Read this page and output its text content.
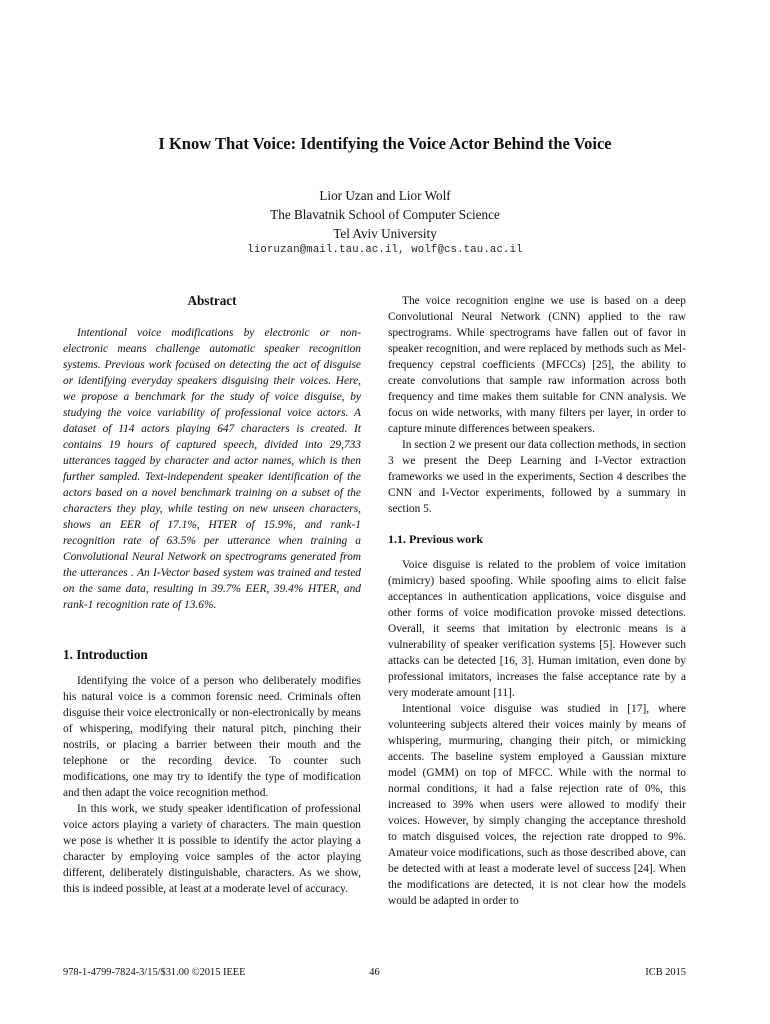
I Know That Voice: Identifying the Voice Actor Behind the Voice
Lior Uzan and Lior Wolf
The Blavatnik School of Computer Science
Tel Aviv University
lioruzan@mail.tau.ac.il, wolf@cs.tau.ac.il
Abstract

Intentional voice modifications by electronic or non-electronic means challenge automatic speaker recognition systems. Previous work focused on detecting the act of disguise or identifying everyday speakers disguising their voices. Here, we propose a benchmark for the study of voice disguise, by studying the voice variability of professional voice actors. A dataset of 114 actors playing 647 characters is created. It contains 19 hours of captured speech, divided into 29,733 utterances tagged by character and actor names, which is then further sampled. Text-independent speaker identification of the actors based on a novel benchmark training on a subset of the characters they play, while testing on new unseen characters, shows an EER of 17.1%, HTER of 15.9%, and rank-1 recognition rate of 63.5% per utterance when training a Convolutional Neural Network on spectrograms generated from the utterances . An I-Vector based system was trained and tested on the same data, resulting in 39.7% EER, 39.4% HTER, and rank-1 recognition rate of 13.6%.

1. Introduction

Identifying the voice of a person who deliberately modifies his natural voice is a common forensic need. Criminals often disguise their voice electronically or non-electronically by means of whispering, modifying their natural pitch, pinching their nostrils, or placing a barrier between their mouth and the telephone or the recording device. To counter such modifications, one may try to identify the type of modification and then adapt the voice recognition method.

In this work, we study speaker identification of professional voice actors playing a variety of characters. The main question we pose is whether it is possible to identify the actor playing a character by employing voice samples of the actor playing different, deliberately distinguishable, characters. As we show, this is indeed possible, at least at a moderate level of accuracy.

The voice recognition engine we use is based on a deep Convolutional Neural Network (CNN) applied to the raw spectrograms. While spectrograms have fallen out of favor in speaker recognition, and were replaced by methods such as Mel-frequency cepstral coefficients (MFCCs) [25], the ability to create convolutions that sample raw information across both frequency and time makes them suitable for CNN analysis. We focus on wide networks, with many filters per layer, in order to capture minute differences between speakers.

In section 2 we present our data collection methods, in section 3 we present the Deep Learning and I-Vector extraction frameworks we used in the experiments, Section 4 describes the CNN and I-Vector experiments, followed by a summary in section 5.

1.1. Previous work

Voice disguise is related to the problem of voice imitation (mimicry) based spoofing. While spoofing aims to elicit false acceptances in authentication applications, voice disguise and other forms of voice modification provoke missed detections. Overall, it seems that imitation by electronic means is a vulnerability of speaker verification systems [5]. However such attacks can be detected [16, 3]. Human imitation, even done by professional imitators, increases the false acceptance rate by a very moderate amount [11].

Intentional voice disguise was studied in [17], where volunteering subjects altered their voices mainly by means of whispering, murmuring, changing their pitch, or mimicking accents. The baseline system employed a Gaussian mixture model (GMM) on top of MFCC. While with the normal to normal conditions, it had a false rejection rate of 0%, this increased to 39% when users were allowed to modify their voices. However, by simply changing the acceptance threshold to match disguised voices, the rejection rate dropped to 9%. Amateur voice modifications, such as those described above, can be detected with at least a moderate level of success [24]. When the modifications are detected, it is not clear how the models would be adapted in order to

978-1-4799-7824-3/15/$31.00 ©2015 IEEE	46	ICB 2015
